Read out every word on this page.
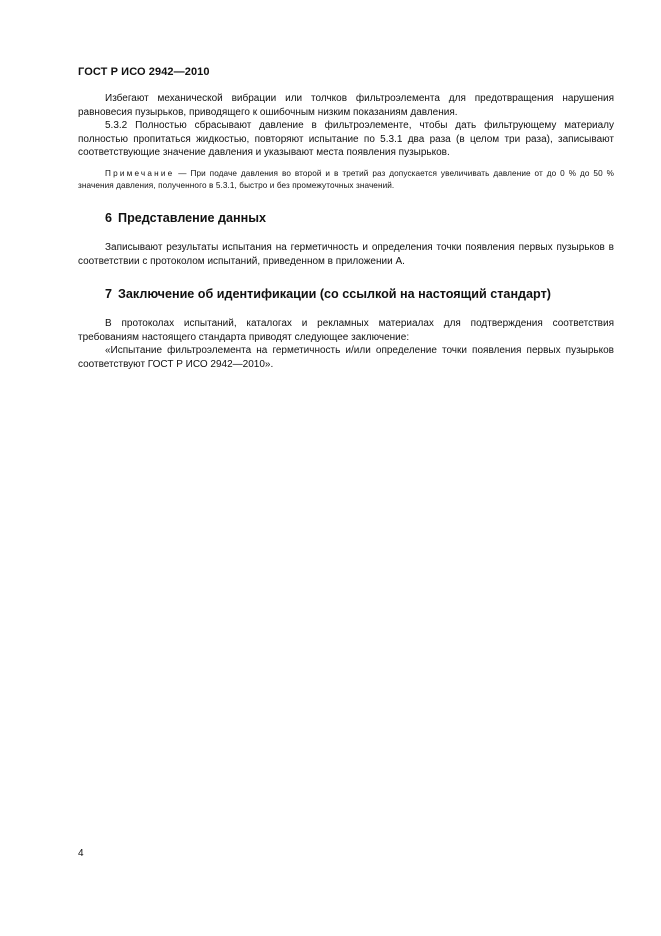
ГОСТ Р ИСО 2942—2010

Избегают механической вибрации или толчков фильтроэлемента для предотвращения нарушения равновесия пузырьков, приводящего к ошибочным низким показаниям давления.

5.3.2 Полностью сбрасывают давление в фильтроэлементе, чтобы дать фильтрующему материалу полностью пропитаться жидкостью, повторяют испытание по 5.3.1 два раза (в целом три раза), записывают соответствующие значение давления и указывают места появления пузырьков.

Примечание — При подаче давления во второй и в третий раз допускается увеличивать давление от до 0 % до 50 % значения давления, полученного в 5.3.1, быстро и без промежуточных значений.

6 Представление данных

Записывают результаты испытания на герметичность и определения точки появления первых пузырьков в соответствии с протоколом испытаний, приведенном в приложении А.

7 Заключение об идентификации (со ссылкой на настоящий стандарт)

В протоколах испытаний, каталогах и рекламных материалах для подтверждения соответствия требованиям настоящего стандарта приводят следующее заключение:

«Испытание фильтроэлемента на герметичность и/или определение точки появления первых пузырьков соответствуют ГОСТ Р ИСО 2942—2010».

4
